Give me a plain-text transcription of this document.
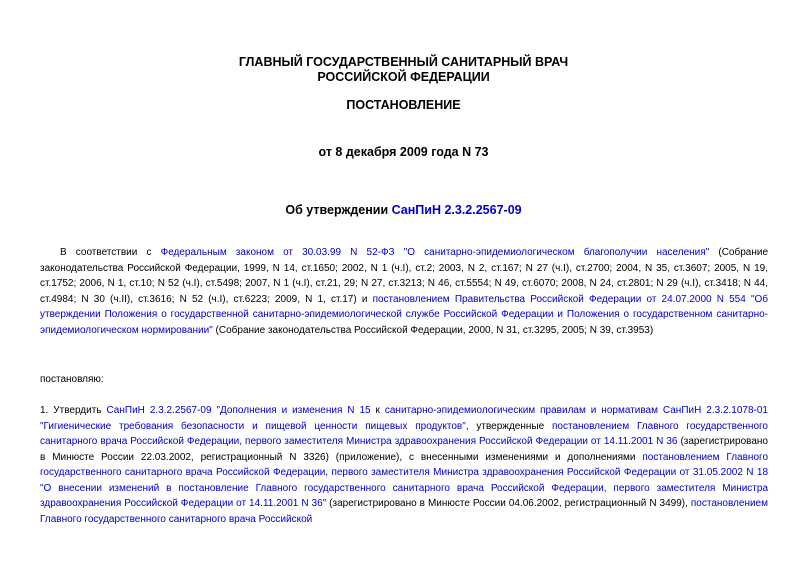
ГЛАВНЫЙ ГОСУДАРСТВЕННЫЙ САНИТАРНЫЙ ВРАЧ

РОССИЙСКОЙ ФЕДЕРАЦИИ

ПОСТАНОВЛЕНИЕ

от 8 декабря 2009 года N 73

Об утверждении СанПиН 2.3.2.2567-09

В соответствии с Федеральным законом от 30.03.99 N 52-ФЗ "О санитарно-эпидемиологическом благополучии населения" (Собрание законодательства Российской Федерации, 1999, N 14, ст.1650; 2002, N 1 (ч.I), ст.2; 2003, N 2, ст.167; N 27 (ч.I), ст.2700; 2004, N 35, ст.3607; 2005, N 19, ст.1752; 2006, N 1, ст.10; N 52 (ч.I), ст.5498; 2007, N 1 (ч.I), ст.21, 29; N 27, ст.3213; N 46, ст.5554; N 49, ст.6070; 2008, N 24, ст.2801; N 29 (ч.I), ст.3418; N 44, ст.4984; N 30 (ч.II), ст.3616; N 52 (ч.I), ст.6223; 2009, N 1, ст.17) и постановлением Правительства Российской Федерации от 24.07.2000 N 554 "Об утверждении Положения о государственной санитарно-эпидемиологической службе Российской Федерации и Положения о государственном санитарно-эпидемиологическом нормировании" (Собрание законодательства Российской Федерации, 2000, N 31, ст.3295, 2005; N 39, ст.3953)

постановляю:

1. Утвердить СанПиН 2.3.2.2567-09 "Дополнения и изменения N 15 к санитарно-эпидемиологическим правилам и нормативам СанПиН 2.3.2.1078-01 "Гигиенические требования безопасности и пищевой ценности пищевых продуктов", утвержденные постановлением Главного государственного санитарного врача Российской Федерации, первого заместителя Министра здравоохранения Российской Федерации от 14.11.2001 N 36 (зарегистрировано в Минюсте России 22.03.2002, регистрационный N 3326) (приложение), с внесенными изменениями и дополнениями постановлением Главного государственного санитарного врача Российской Федерации, первого заместителя Министра здравоохранения Российской Федерации от 31.05.2002 N 18 "О внесении изменений в постановление Главного государственного санитарного врача Российской Федерации, первого заместителя Министра здравоохранения Российской Федерации от 14.11.2001 N 36" (зарегистрировано в Минюсте России 04.06.2002, регистрационный N 3499), постановлением Главного государственного санитарного врача Российской
